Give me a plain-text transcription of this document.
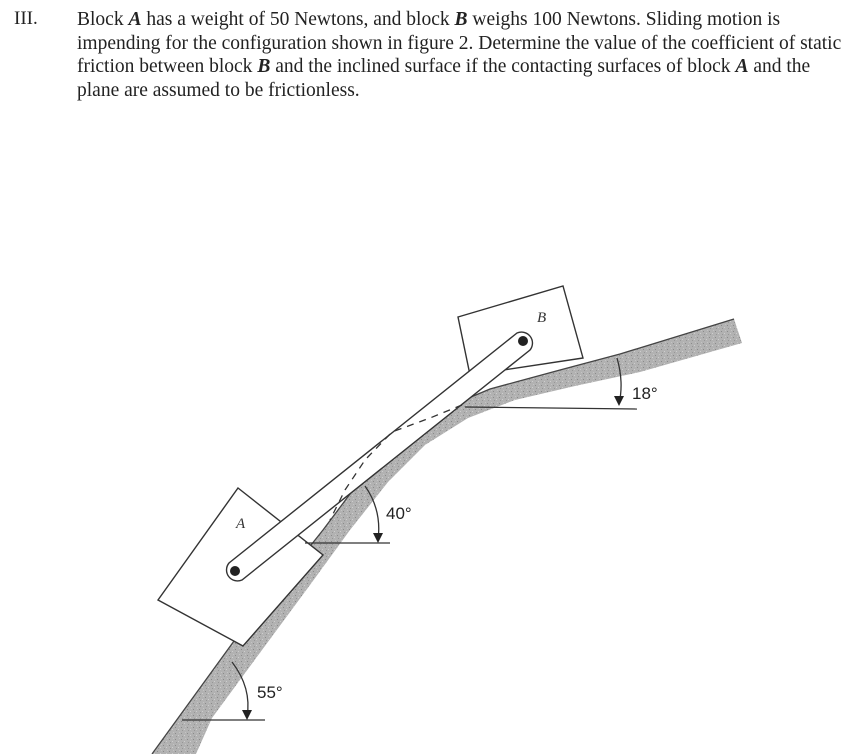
III. Block A has a weight of 50 Newtons, and block B weighs 100 Newtons. Sliding motion is impending for the configuration shown in figure 2. Determine the value of the coefficient of static friction between block B and the inclined surface if the contacting surfaces of block A and the plane are assumed to be frictionless.
A
B
18°
40°
55°
